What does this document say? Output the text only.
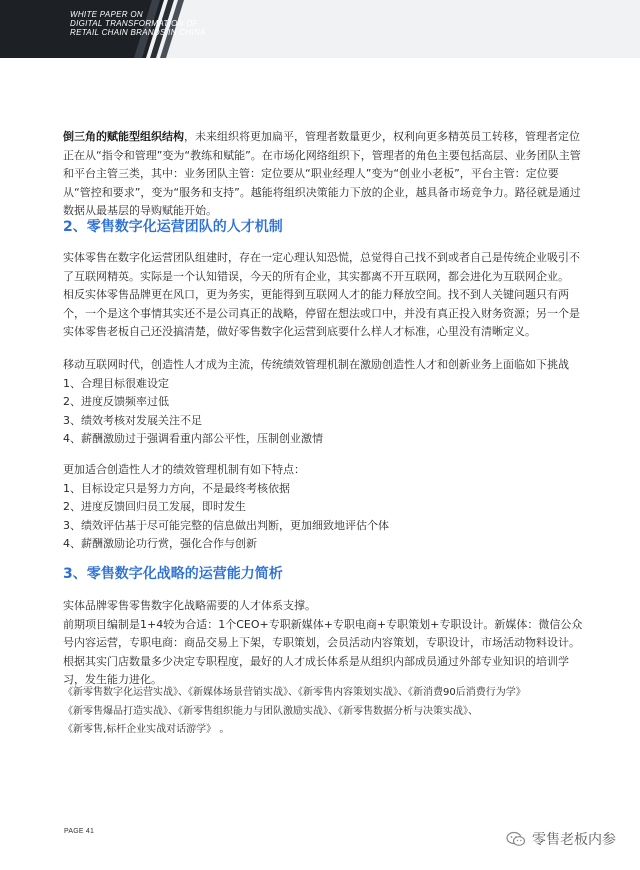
WHITE PAPER ON
DIGITAL TRANSFORMATION OF
RETAIL CHAIN BRANDS IN CHINA

倒三角的赋能型组织结构，未来组织将更加扁平，管理者数量更少，权利向更多精英员工转移，管理者定位正在从“指令和管理”变为“教练和赋能”。在市场化网络组织下，管理者的角色主要包括高层、业务团队主管和平台主管三类，其中：业务团队主管：定位要从“职业经理人”变为“创业小老板”，平台主管：定位要从“管控和要求”，变为“服务和支持”。越能将组织决策能力下放的企业，越具备市场竞争力。路径就是通过数据从最基层的导购赋能开始。

2、零售数字化运营团队的人才机制

实体零售在数字化运营团队组建时，存在一定心理认知恐慌，总觉得自己找不到或者自己是传统企业吸引不了互联网精英。实际是一个认知错误，今天的所有企业，其实都离不开互联网，都会进化为互联网企业。

相反实体零售品牌更在风口，更为务实，更能得到互联网人才的能力释放空间。找不到人关键问题只有两个，一个是这个事情其实还不是公司真正的战略，停留在想法或口中，并没有真正投入财务资源；另一个是实体零售老板自己还没搞清楚，做好零售数字化运营到底要什么样人才标准，心里没有清晰定义。

移动互联网时代，创造性人才成为主流，传统绩效管理机制在激励创造性人才和创新业务上面临如下挑战
1、合理目标很难设定
2、进度反馈频率过低
3、绩效考核对发展关注不足
4、薪酬激励过于强调看重内部公平性，压制创业激情
更加适合创造性人才的绩效管理机制有如下特点：
1、目标设定只是努力方向，不是最终考核依据
2、进度反馈回归员工发展，即时发生
3、绩效评估基于尽可能完整的信息做出判断，更加细致地评估个体
4、薪酬激励论功行赏，强化合作与创新
3、零售数字化战略的运营能力简析

实体品牌零售零售数字化战略需要的人才体系支撑。

前期项目编制是1+4较为合适：1个CEO+专职新媒体+专职电商+专职策划+专职设计。新媒体：微信公众号内容运营，专职电商：商品交易上下架，专职策划，会员活动内容策划，专职设计，市场活动物料设计。根据其实门店数量多少决定专职程度，最好的人才成长体系是从组织内部成员通过外部专业知识的培训学习，发生能力进化。

《新零售数字化运营实战》、《新媒体场景营销实战》、《新零售内容策划实战》、《新消费90后消费行为学》
《新零售爆品打造实战》、《新零售组织能力与团队激励实战》、《新零售数据分析与决策实战》、
《新零售,标杆企业实战对话游学》 。
PAGE 41
零售老板内参
